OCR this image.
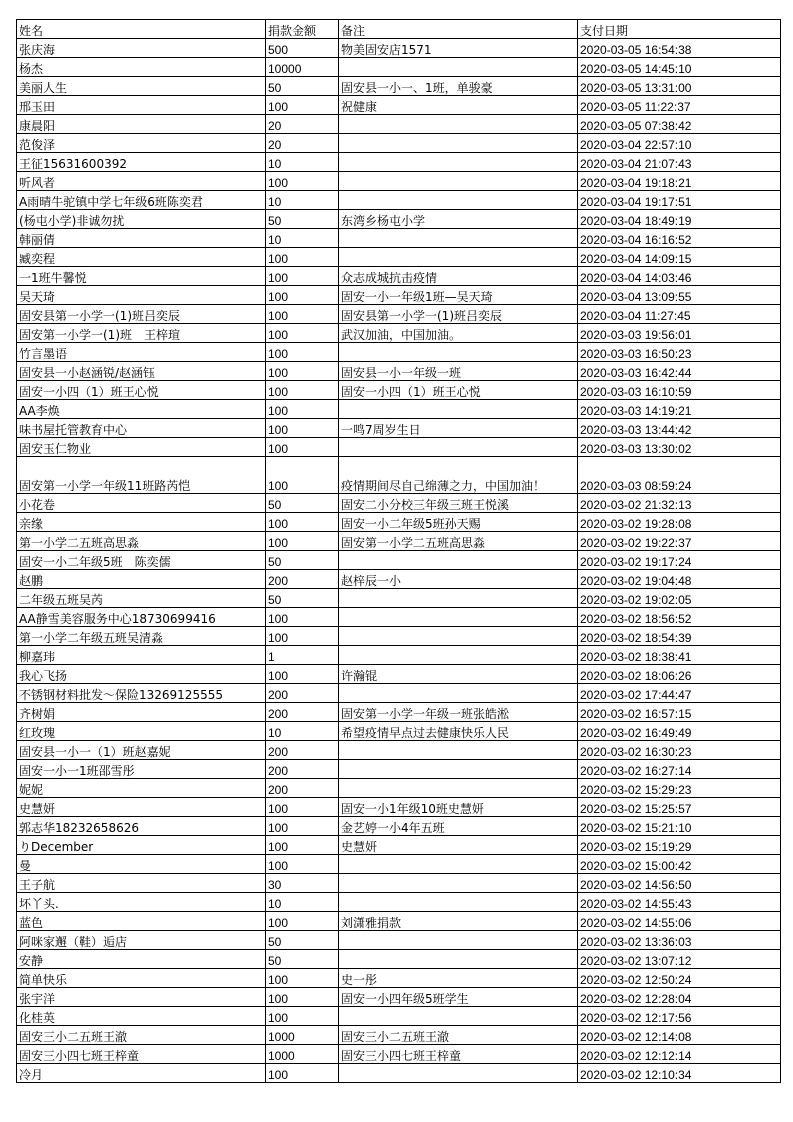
姓名	捐款金额	备注	支付日期
张庆海	500	物美固安店1571	2020-03-05 16:54:38
杨杰	10000		2020-03-05 14:45:10
美丽人生	50	固安县一小一、1班，单骏豪	2020-03-05 13:31:00
邢玉田	100	祝健康	2020-03-05 11:22:37
康晨阳	20		2020-03-05 07:38:42
范俊泽	20		2020-03-04 22:57:10
王征15631600392	10		2020-03-04 21:07:43
听风者	100		2020-03-04 19:18:21
A雨晴牛驼镇中学七年级6班陈奕君	10		2020-03-04 19:17:51
(杨屯小学)非诚勿扰	50	东湾乡杨屯小学	2020-03-04 18:49:19
韩丽倩	10		2020-03-04 16:16:52
臧奕程	100		2020-03-04 14:09:15
一1班牛馨悦	100	众志成城抗击疫情	2020-03-04 14:03:46
吴天琦	100	固安一小一年级1班—吴天琦	2020-03-04 13:09:55
固安县第一小学一(1)班吕奕辰	100	固安县第一小学一(1)班吕奕辰	2020-03-04 11:27:45
固安第一小学一(1)班　王梓瑄	100	武汉加油，中国加油。	2020-03-03 19:56:01
竹言墨语	100		2020-03-03 16:50:23
固安县一小赵涵锐/赵涵钰	100	固安县一小一年级一班	2020-03-03 16:42:44
固安一小四（1）班王心悦	100	固安一小四（1）班王心悦	2020-03-03 16:10:59
AA李焕	100		2020-03-03 14:19:21
味书屋托管教育中心	100	一鸣7周岁生日	2020-03-03 13:44:42
固安玉仁物业	100		2020-03-03 13:30:02
固安第一小学一年级11班路芮恺	100	疫情期间尽自己绵薄之力，中国加油！	2020-03-03 08:59:24
小花卷	50	固安二小分校三年级三班王悦溪	2020-03-02 21:32:13
亲缘	100	固安一小二年级5班孙天赐	2020-03-02 19:28:08
第一小学二五班高思淼	100	固安第一小学二五班高思淼	2020-03-02 19:22:37
固安一小二年级5班　陈奕儒	50		2020-03-02 19:17:24
赵鹏	200	赵梓辰一小	2020-03-02 19:04:48
二年级五班吴芮	50		2020-03-02 19:02:05
AA静雪美容服务中心18730699416	100		2020-03-02 18:56:52
第一小学二年级五班吴清淼	100		2020-03-02 18:54:39
柳嘉玮	1		2020-03-02 18:38:41
我心飞扬	100	许瀚锟	2020-03-02 18:06:26
不锈钢材料批发～保险13269125555	200		2020-03-02 17:44:47
齐树娟	200	固安第一小学一年级一班张皓淞	2020-03-02 16:57:15
红玫瑰	10	希望疫情早点过去健康快乐人民	2020-03-02 16:49:49
固安县一小一（1）班赵嘉妮	200		2020-03-02 16:30:23
固安一小一1班邵雪彤	200		2020-03-02 16:27:14
妮妮	200		2020-03-02 15:29:23
史慧妍	100	固安一小1年级10班史慧妍	2020-03-02 15:25:57
郭志华18232658626	100	金艺婷一小4年五班	2020-03-02 15:21:10
りDecember	100	史慧妍	2020-03-02 15:19:29
曼	100		2020-03-02 15:00:42
王子航	30		2020-03-02 14:56:50
坏丫头.	10		2020-03-02 14:55:43
蓝色	100	刘潇雅捐款	2020-03-02 14:55:06
阿咪家邂（鞋）逅店	50		2020-03-02 13:36:03
安静	50		2020-03-02 13:07:12
简单快乐	100	史一彤	2020-03-02 12:50:24
张宇洋	100	固安一小四年级5班学生	2020-03-02 12:28:04
化桂英	100		2020-03-02 12:17:56
固安三小二五班王澈	1000	固安三小二五班王澈	2020-03-02 12:14:08
固安三小四七班王梓童	1000	固安三小四七班王梓童	2020-03-02 12:12:14
冷月	100		2020-03-02 12:10:34
